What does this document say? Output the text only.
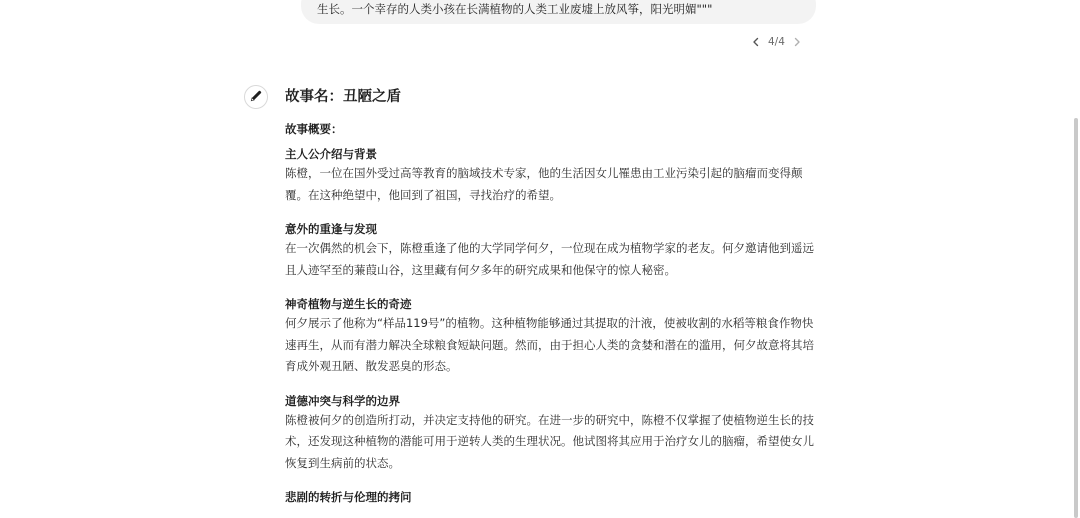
生长。一个幸存的人类小孩在长满植物的人类工业废墟上放风筝，阳光明媚"""
4/4
故事名：丑陋之盾
故事概要：
主人公介绍与背景
陈橙，一位在国外受过高等教育的脑域技术专家，他的生活因女儿罹患由工业污染引起的脑瘤而变得颠覆。在这种绝望中，他回到了祖国，寻找治疗的希望。
意外的重逢与发现
在一次偶然的机会下，陈橙重逢了他的大学同学何夕，一位现在成为植物学家的老友。何夕邀请他到遥远且人迹罕至的蒹葭山谷，这里藏有何夕多年的研究成果和他保守的惊人秘密。
神奇植物与逆生长的奇迹
何夕展示了他称为“样品119号”的植物。这种植物能够通过其提取的汁液，使被收割的水稻等粮食作物快速再生，从而有潜力解决全球粮食短缺问题。然而，由于担心人类的贪婪和潜在的滥用，何夕故意将其培育成外观丑陋、散发恶臭的形态。
道德冲突与科学的边界
陈橙被何夕的创造所打动，并决定支持他的研究。在进一步的研究中，陈橙不仅掌握了使植物逆生长的技术，还发现这种植物的潜能可用于逆转人类的生理状况。他试图将其应用于治疗女儿的脑瘤，希望使女儿恢复到生病前的状态。
悲剧的转折与伦理的拷问
